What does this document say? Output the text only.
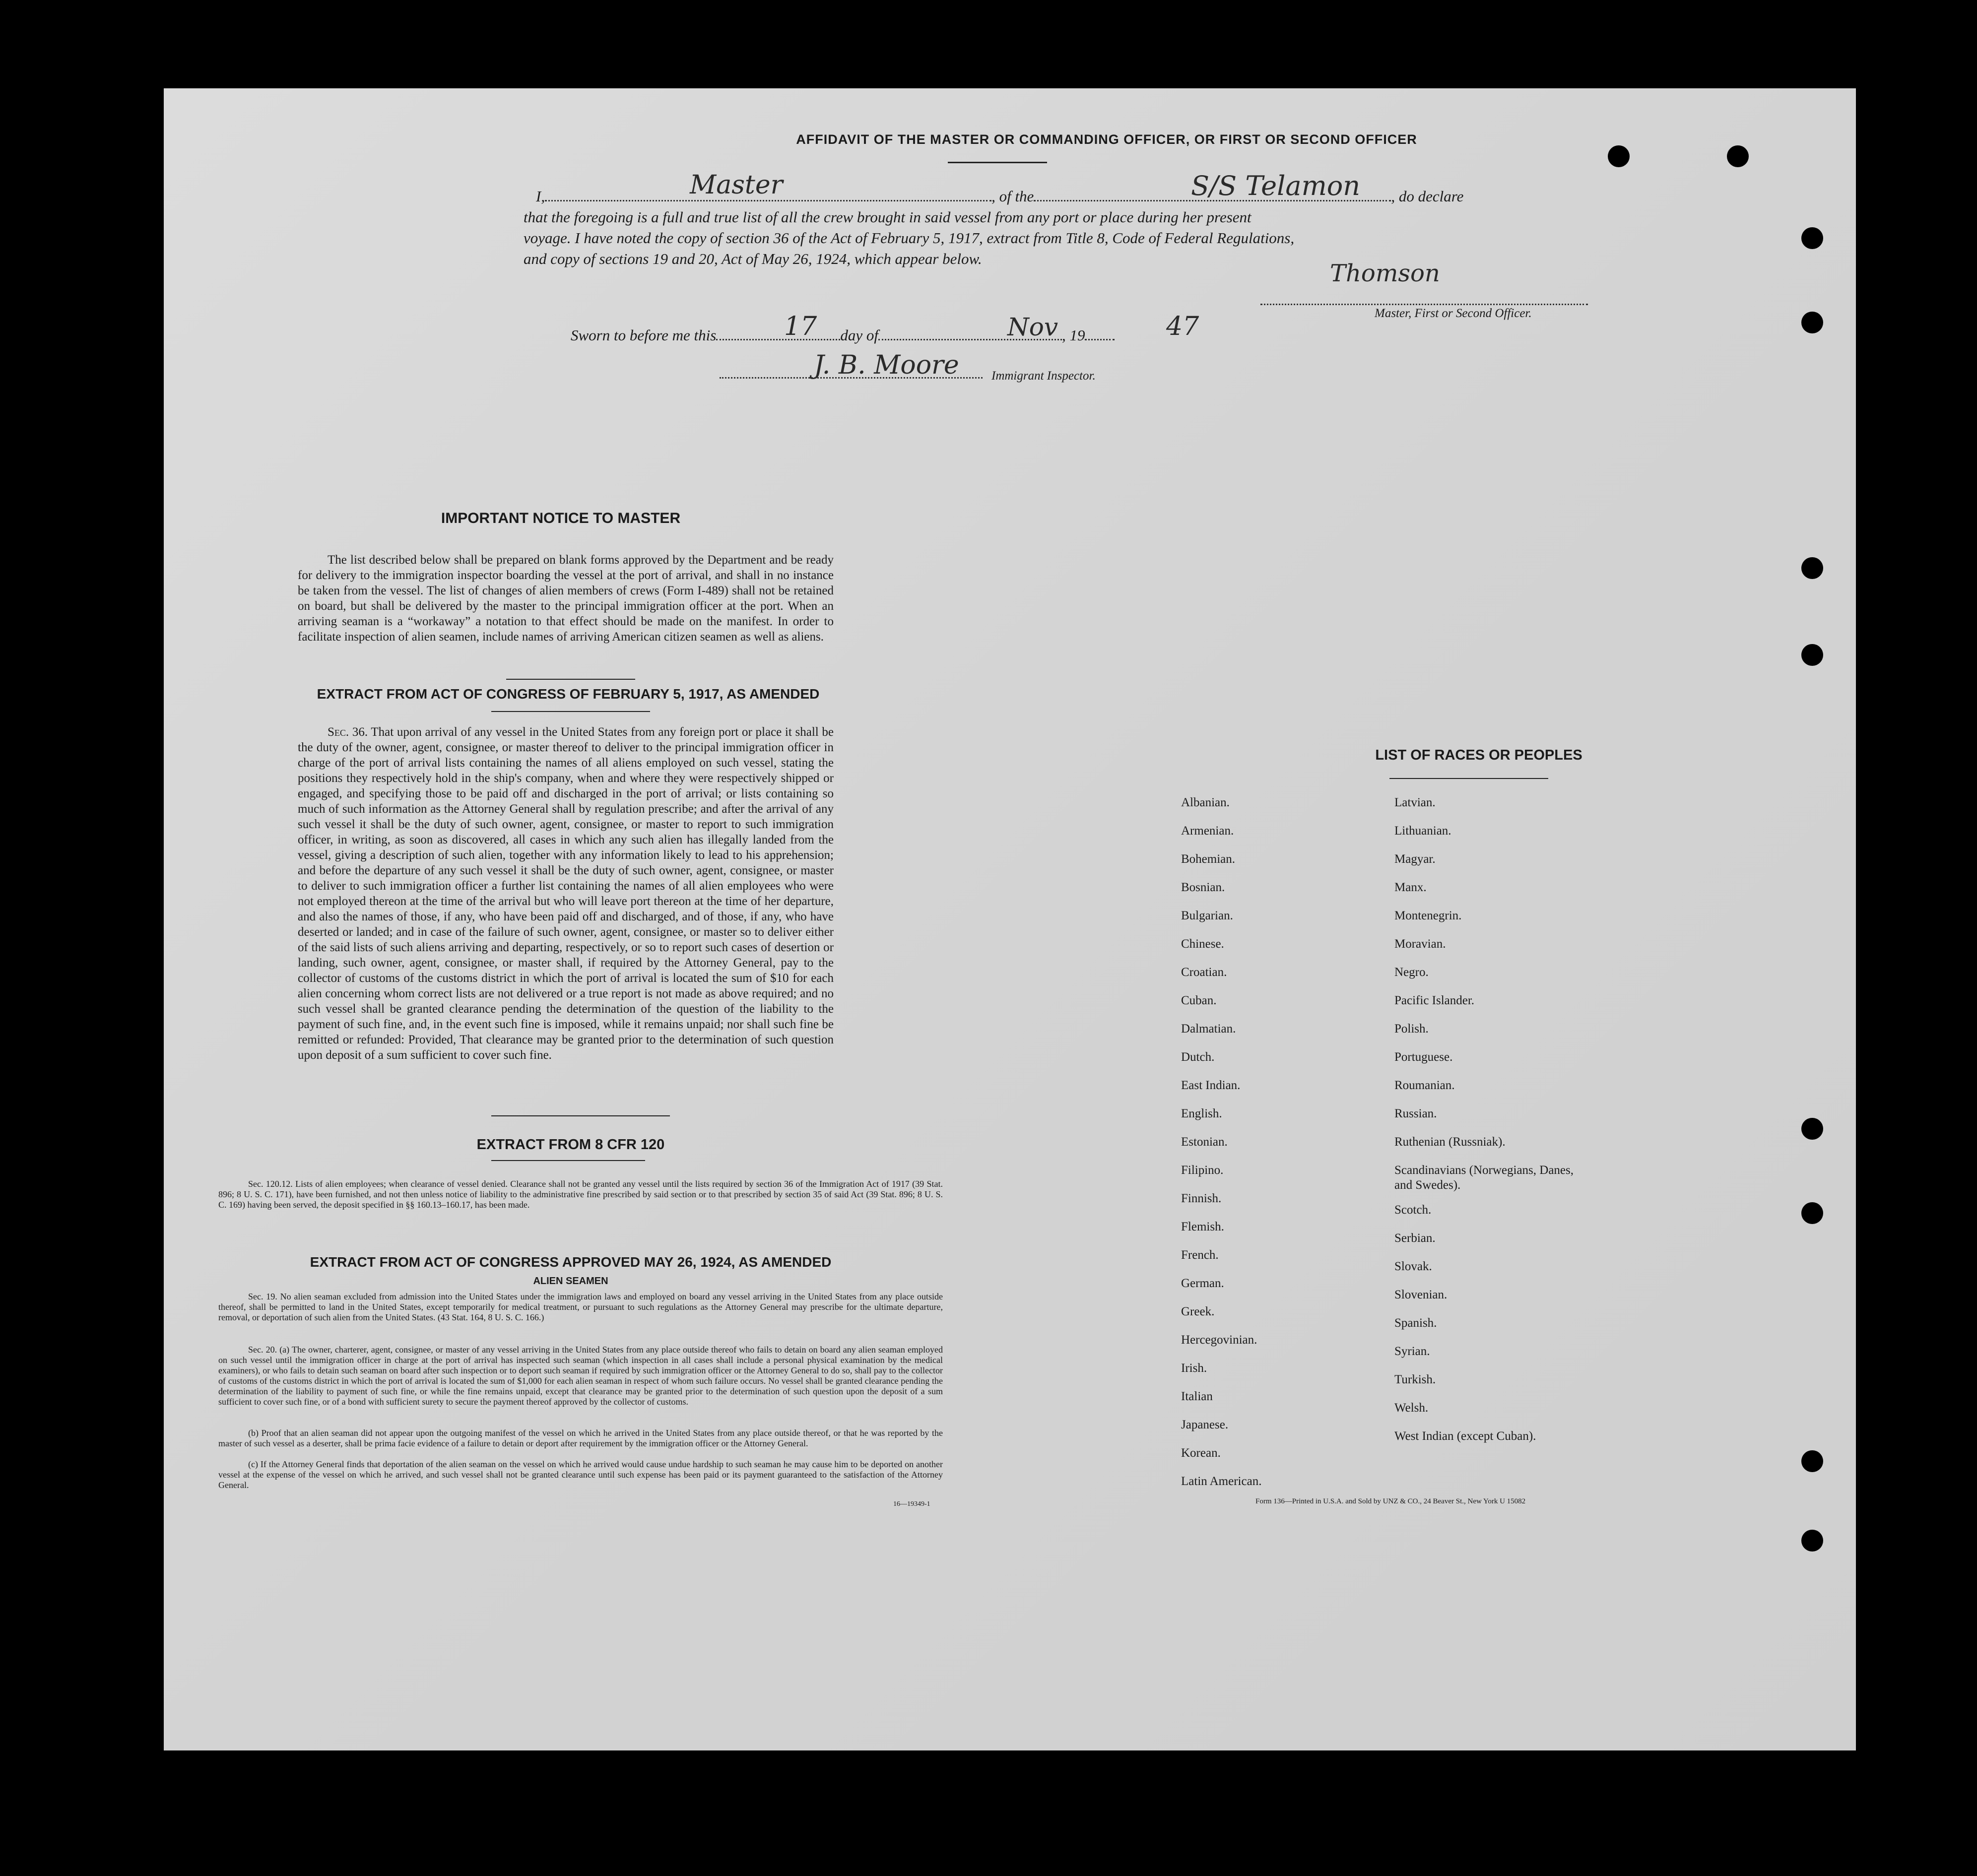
AFFIDAVIT OF THE MASTER OR COMMANDING OFFICER, OR FIRST OR SECOND OFFICER
I,	, of the	, do declare
Master	S/S Telamon
that the foregoing is a full and true list of all the crew brought in said vessel from any port or place during her present
voyage. I have noted the copy of section 36 of the Act of February 5, 1917, extract from Title 8, Code of Federal Regulations,
and copy of sections 19 and 20, Act of May 26, 1924, which appear below.
Thomson
Master, First or Second Officer.
Sworn to before me this	day of	, 19
17	Nov	47
J. B. Moore	Immigrant Inspector.
IMPORTANT NOTICE TO MASTER
The list described below shall be prepared on blank forms approved by the Department and be ready for delivery to the immigration inspector boarding the vessel at the port of arrival, and shall in no instance be taken from the vessel. The list of changes of alien members of crews (Form I-489) shall not be retained on board, but shall be delivered by the master to the principal immigration officer at the port. When an arriving seaman is a “workaway” a notation to that effect should be made on the manifest. In order to facilitate inspection of alien seamen, include names of arriving American citizen seamen as well as aliens.
EXTRACT FROM ACT OF CONGRESS OF FEBRUARY 5, 1917, AS AMENDED
Sec. 36. That upon arrival of any vessel in the United States from any foreign port or place it shall be the duty of the owner, agent, consignee, or master thereof to deliver to the principal immigration officer in charge of the port of arrival lists containing the names of all aliens employed on such vessel, stating the positions they respectively hold in the ship's company, when and where they were respectively shipped or engaged, and specifying those to be paid off and discharged in the port of arrival; or lists containing so much of such information as the Attorney General shall by regulation prescribe; and after the arrival of any such vessel it shall be the duty of such owner, agent, consignee, or master to report to such immigration officer, in writing, as soon as discovered, all cases in which any such alien has illegally landed from the vessel, giving a description of such alien, together with any information likely to lead to his apprehension; and before the departure of any such vessel it shall be the duty of such owner, agent, consignee, or master to deliver to such immigration officer a further list containing the names of all alien employees who were not employed thereon at the time of the arrival but who will leave port thereon at the time of her departure, and also the names of those, if any, who have been paid off and discharged, and of those, if any, who have deserted or landed; and in case of the failure of such owner, agent, consignee, or master so to deliver either of the said lists of such aliens arriving and departing, respectively, or so to report such cases of desertion or landing, such owner, agent, consignee, or master shall, if required by the Attorney General, pay to the collector of customs of the customs district in which the port of arrival is located the sum of $10 for each alien concerning whom correct lists are not delivered or a true report is not made as above required; and no such vessel shall be granted clearance pending the determination of the question of the liability to the payment of such fine, and, in the event such fine is imposed, while it remains unpaid; nor shall such fine be remitted or refunded: Provided, That clearance may be granted prior to the determination of such question upon deposit of a sum sufficient to cover such fine.
EXTRACT FROM 8 CFR 120
Sec. 120.12. Lists of alien employees; when clearance of vessel denied. Clearance shall not be granted any vessel until the lists required by section 36 of the Immigration Act of 1917 (39 Stat. 896; 8 U. S. C. 171), have been furnished, and not then unless notice of liability to the administrative fine prescribed by said section or to that prescribed by section 35 of said Act (39 Stat. 896; 8 U. S. C. 169) having been served, the deposit specified in §§ 160.13–160.17, has been made.
EXTRACT FROM ACT OF CONGRESS APPROVED MAY 26, 1924, AS AMENDED
ALIEN SEAMEN
Sec. 19. No alien seaman excluded from admission into the United States under the immigration laws and employed on board any vessel arriving in the United States from any place outside thereof, shall be permitted to land in the United States, except temporarily for medical treatment, or pursuant to such regulations as the Attorney General may prescribe for the ultimate departure, removal, or deportation of such alien from the United States. (43 Stat. 164, 8 U. S. C. 166.)
Sec. 20. (a) The owner, charterer, agent, consignee, or master of any vessel arriving in the United States from any place outside thereof who fails to detain on board any alien seaman employed on such vessel until the immigration officer in charge at the port of arrival has inspected such seaman (which inspection in all cases shall include a personal physical examination by the medical examiners), or who fails to detain such seaman on board after such inspection or to deport such seaman if required by such immigration officer or the Attorney General to do so, shall pay to the collector of customs of the customs district in which the port of arrival is located the sum of $1,000 for each alien seaman in respect of whom such failure occurs. No vessel shall be granted clearance pending the determination of the liability to payment of such fine, or while the fine remains unpaid, except that clearance may be granted prior to the determination of such question upon the deposit of a sum sufficient to cover such fine, or of a bond with sufficient surety to secure the payment thereof approved by the collector of customs.
(b) Proof that an alien seaman did not appear upon the outgoing manifest of the vessel on which he arrived in the United States from any place outside thereof, or that he was reported by the master of such vessel as a deserter, shall be prima facie evidence of a failure to detain or deport after requirement by the immigration officer or the Attorney General.
(c) If the Attorney General finds that deportation of the alien seaman on the vessel on which he arrived would cause undue hardship to such seaman he may cause him to be deported on another vessel at the expense of the vessel on which he arrived, and such vessel shall not be granted clearance until such expense has been paid or its payment guaranteed to the satisfaction of the Attorney General.
16—19349-1
LIST OF RACES OR PEOPLES
Albanian.
Armenian.
Bohemian.
Bosnian.
Bulgarian.
Chinese.
Croatian.
Cuban.
Dalmatian.
Dutch.
East Indian.
English.
Estonian.
Filipino.
Finnish.
Flemish.
French.
German.
Greek.
Hercegovinian.
Irish.
Italian
Japanese.
Korean.
Latin American.
Latvian.
Lithuanian.
Magyar.
Manx.
Montenegrin.
Moravian.
Negro.
Pacific Islander.
Polish.
Portuguese.
Roumanian.
Russian.
Ruthenian (Russniak).
Scandinavians (Norwegians, Danes, and Swedes).
Scotch.
Serbian.
Slovak.
Slovenian.
Spanish.
Syrian.
Turkish.
Welsh.
West Indian (except Cuban).
Form 136—Printed in U.S.A. and Sold by UNZ & CO., 24 Beaver St., New York U 15082
